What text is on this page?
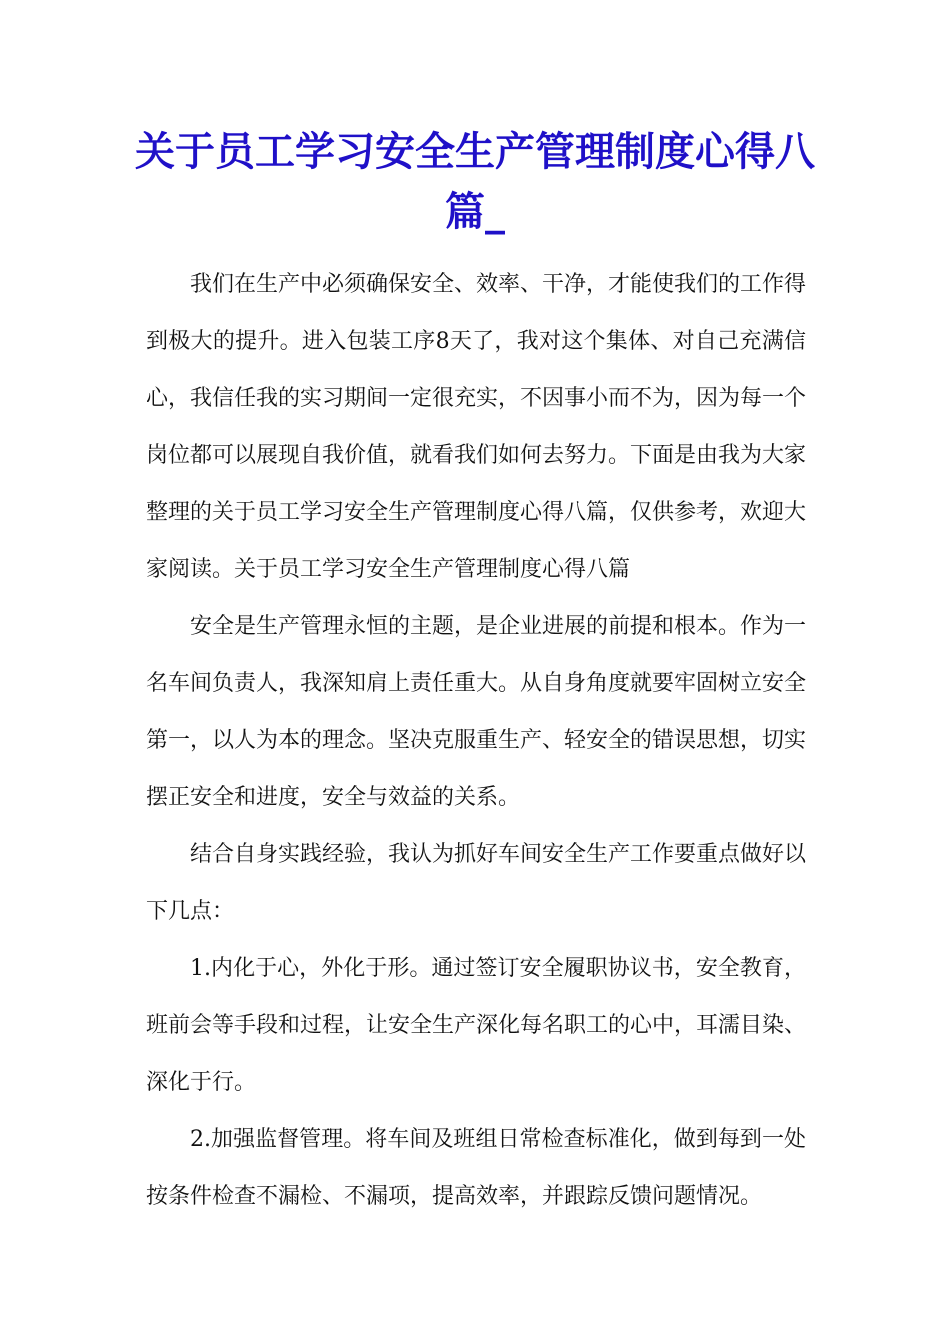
关于员工学习安全生产管理制度心得八篇_

我们在生产中必须确保安全、效率、干净，才能使我们的工作得到极大的提升。进入包装工序8天了，我对这个集体、对自己充满信心，我信任我的实习期间一定很充实，不因事小而不为，因为每一个岗位都可以展现自我价值，就看我们如何去努力。下面是由我为大家整理的关于员工学习安全生产管理制度心得八篇，仅供参考，欢迎大家阅读。关于员工学习安全生产管理制度心得八篇

安全是生产管理永恒的主题，是企业进展的前提和根本。作为一名车间负责人，我深知肩上责任重大。从自身角度就要牢固树立安全第一，以人为本的理念。坚决克服重生产、轻安全的错误思想，切实摆正安全和进度，安全与效益的关系。

结合自身实践经验，我认为抓好车间安全生产工作要重点做好以下几点：

1.内化于心，外化于形。通过签订安全履职协议书，安全教育，班前会等手段和过程，让安全生产深化每名职工的心中，耳濡目染、深化于行。

2.加强监督管理。将车间及班组日常检查标准化，做到每到一处按条件检查不漏检、不漏项，提高效率，并跟踪反馈问题情况。
